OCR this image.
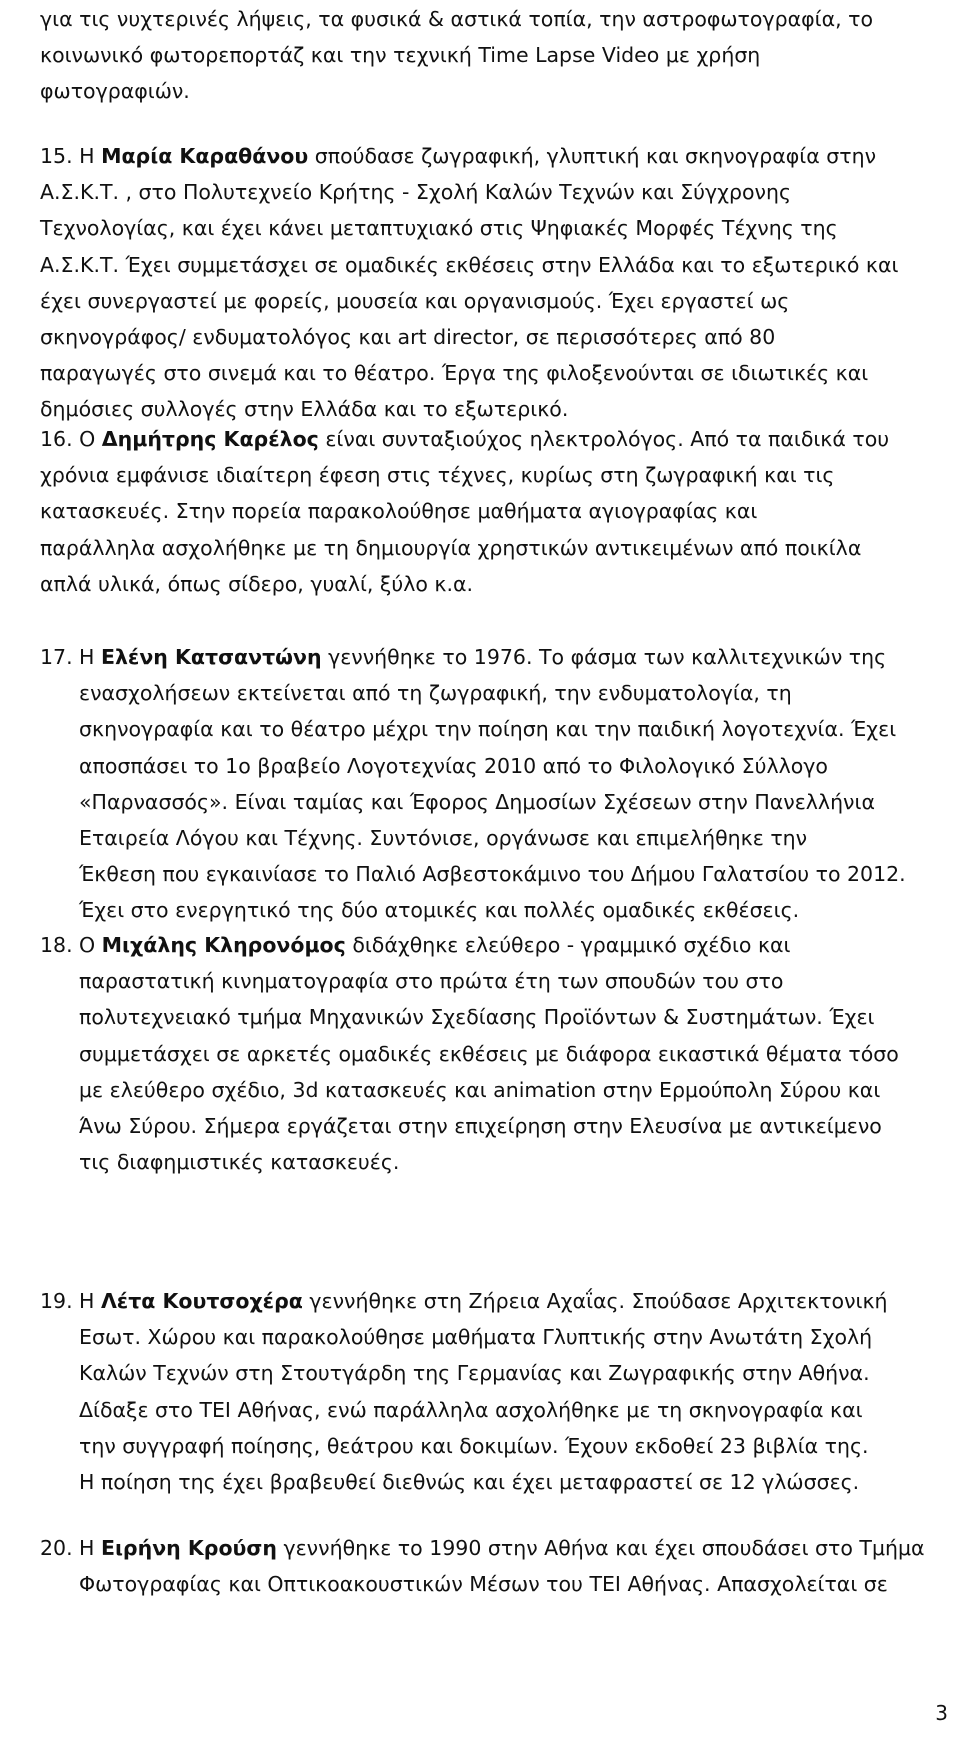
για τις νυχτερινές λήψεις, τα φυσικά & αστικά τοπία, την αστροφωτογραφία, το
κοινωνικό φωτορεπορτάζ και την τεχνική Time Lapse Video με χρήση
φωτογραφιών.
15. Η Μαρία Καραθάνου σπούδασε ζωγραφική, γλυπτική και σκηνογραφία στην
Α.Σ.Κ.Τ. , στο Πολυτεχνείο Κρήτης - Σχολή Καλών Τεχνών και Σύγχρονης
Τεχνολογίας, και έχει κάνει μεταπτυχιακό στις Ψηφιακές Μορφές Τέχνης της
Α.Σ.Κ.Τ. Έχει συμμετάσχει σε ομαδικές εκθέσεις στην Ελλάδα και το εξωτερικό και
έχει συνεργαστεί με φορείς, μουσεία και οργανισμούς. Έχει εργαστεί ως
σκηνογράφος/ ενδυματολόγος και art director, σε περισσότερες από 80
παραγωγές στο σινεμά και το θέατρο. Έργα της φιλοξενούνται σε ιδιωτικές και
δημόσιες συλλογές στην Ελλάδα και το εξωτερικό.
16. Ο Δημήτρης Καρέλος είναι συνταξιούχος ηλεκτρολόγος. Από τα παιδικά του
χρόνια εμφάνισε ιδιαίτερη έφεση στις τέχνες, κυρίως στη ζωγραφική και τις
κατασκευές. Στην πορεία παρακολούθησε μαθήματα αγιογραφίας και
παράλληλα ασχολήθηκε με τη δημιουργία χρηστικών αντικειμένων από ποικίλα
απλά υλικά, όπως σίδερο, γυαλί, ξύλο κ.α.
17. Η Ελένη Κατσαντώνη γεννήθηκε το 1976. Το φάσμα των καλλιτεχνικών της
ενασχολήσεων εκτείνεται από τη ζωγραφική, την ενδυματολογία, τη
σκηνογραφία και το θέατρο μέχρι την ποίηση και την παιδική λογοτεχνία. Έχει
αποσπάσει το 1ο βραβείο Λογοτεχνίας 2010 από το Φιλολογικό Σύλλογο
«Παρνασσός». Είναι ταμίας και Έφορος Δημοσίων Σχέσεων στην Πανελλήνια
Εταιρεία Λόγου και Τέχνης. Συντόνισε, οργάνωσε και επιμελήθηκε την
Έκθεση που εγκαινίασε το Παλιό Ασβεστοκάμινο του Δήμου Γαλατσίου το 2012.
Έχει στο ενεργητικό της δύο ατομικές και πολλές ομαδικές εκθέσεις.
18. Ο Μιχάλης Κληρονόμος διδάχθηκε ελεύθερο - γραμμικό σχέδιο και
παραστατική κινηματογραφία στο πρώτα έτη των σπουδών του στο
πολυτεχνειακό τμήμα Μηχανικών Σχεδίασης Προϊόντων & Συστημάτων. Έχει
συμμετάσχει σε αρκετές ομαδικές εκθέσεις με διάφορα εικαστικά θέματα τόσο
με ελεύθερο σχέδιο, 3d κατασκευές και animation στην Ερμούπολη Σύρου και
Άνω Σύρου. Σήμερα εργάζεται στην επιχείρηση στην Ελευσίνα με αντικείμενο
τις διαφημιστικές κατασκευές.
19. Η Λέτα Κουτσοχέρα γεννήθηκε στη Ζήρεια Αχαΐας. Σπούδασε Αρχιτεκτονική
Εσωτ. Χώρου και παρακολούθησε μαθήματα Γλυπτικής στην Ανωτάτη Σχολή
Καλών Τεχνών στη Στουτγάρδη της Γερμανίας και Ζωγραφικής στην Αθήνα.
Δίδαξε στο ΤΕΙ Αθήνας, ενώ παράλληλα ασχολήθηκε με τη σκηνογραφία και
την συγγραφή ποίησης, θεάτρου και δοκιμίων. Έχουν εκδοθεί 23 βιβλία της.
Η ποίηση της έχει βραβευθεί διεθνώς και έχει μεταφραστεί σε 12 γλώσσες.
20. Η Ειρήνη Κρούση γεννήθηκε το 1990 στην Αθήνα και έχει σπουδάσει στο Τμήμα
Φωτογραφίας και Οπτικοακουστικών Μέσων του ΤΕΙ Αθήνας. Απασχολείται σε
3
